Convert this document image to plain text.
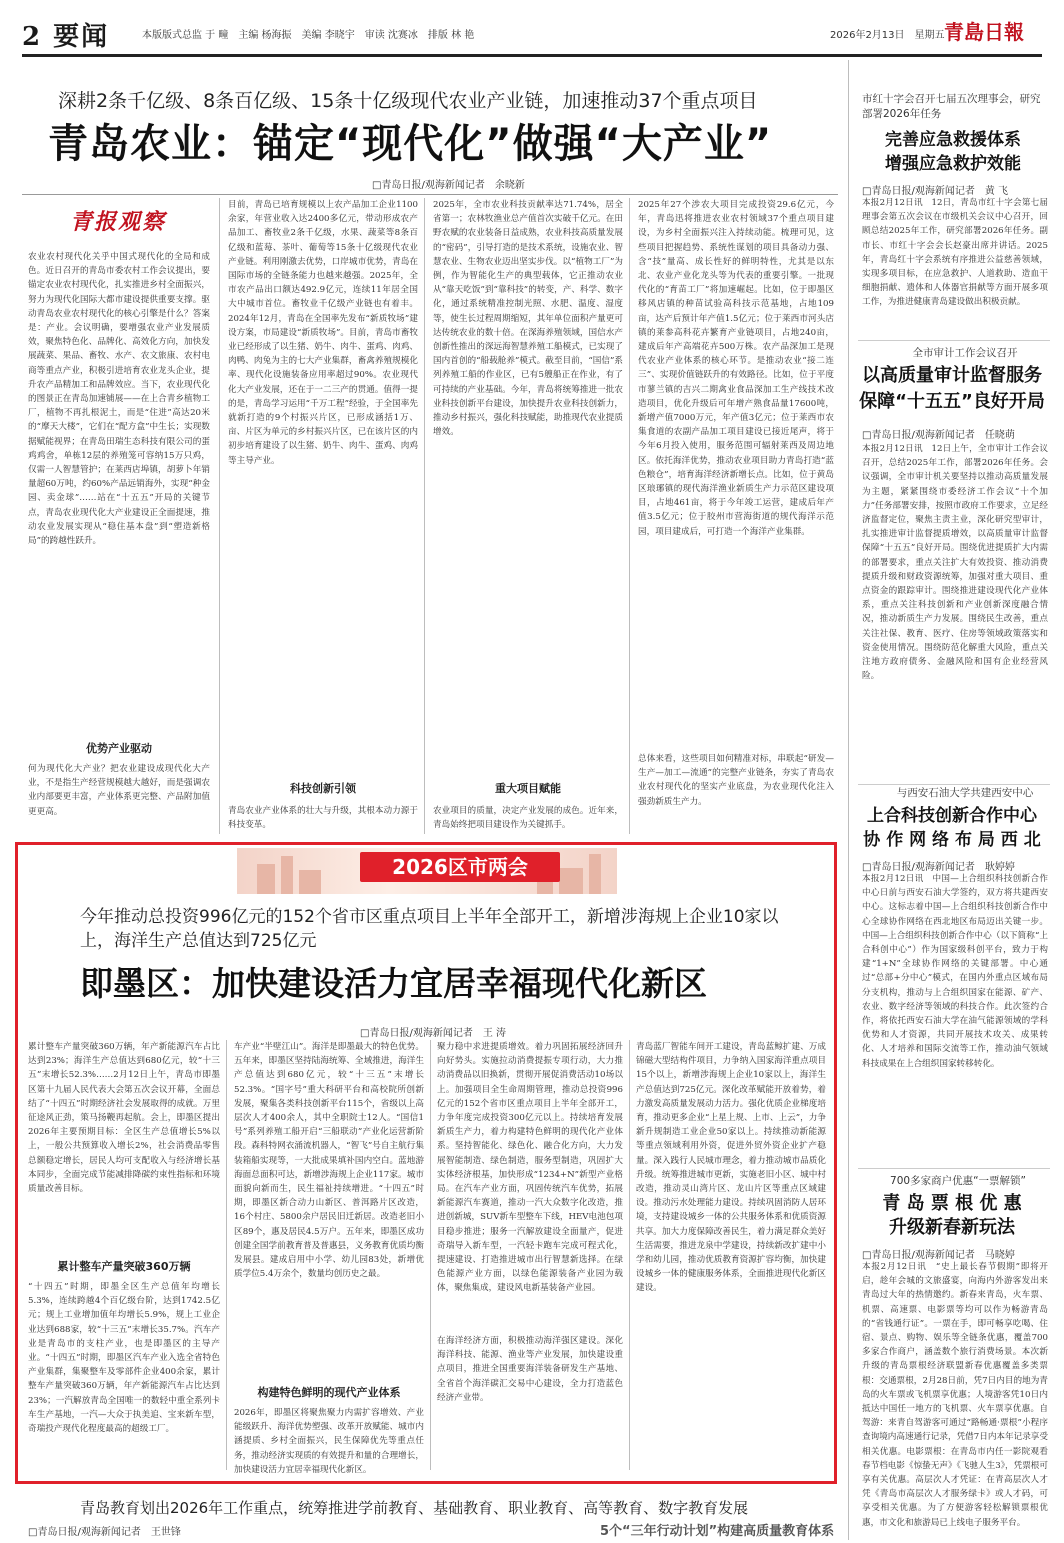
2 要闻	本版版式总监 于 疃　主编 杨海振　美编 李晓宇　审读 沈赛冰　排版 林 艳	2026年2月13日　星期五 青島日報
深耕2条千亿级、8条百亿级、15条十亿级现代农业产业链，加速推动37个重点项目
青岛农业：锚定“现代化”做强“大产业”
□青岛日报/观海新闻记者　余晓新
青报观察
农业农村现代化关乎中国式现代化的全局和成色。近日召开的青岛市委农村工作会议提出，要锚定农业农村现代化，扎实推进乡村全面振兴，努力为现代化国际大都市建设提供重要支撑。驱动青岛农业农村现代化的核心引擎是什么？答案是：产业。会议明确，要增强农业产业发展质效，聚焦特色化、品牌化、高效化方向，加快发展蔬菜、果品、畜牧、水产、农文旅康、农村电商等重点产业，积极引进培育农业龙头企业，提升农产品精加工和品牌效应。当下，农业现代化的图景正在青岛加速铺展——在上合青乡植物工厂，植物不再扎根泥土，而是“住进”高达20米的“摩天大楼”，它们在“配方盒”中生长；实现数据赋能视界；在青岛田瑞生态科技有限公司的蛋鸡鸡舍，单栋12层的养殖笼可容纳15万只鸡，仅需一人智慧管护；在莱西店埠镇，胡萝卜年销量超60万吨，约60%产品远销海外，实现“种金园、卖金球”……站在“十五五”开局的关键节点，青岛农业现代化大产业建设正全面提速，推动农业发展实现从“稳住基本盘”到“塑造新格局”的跨越性跃升。
优势产业驱动
何为现代化大产业？把农业建设成现代化大产业，不是指生产经营规模越大越好，而是强调农业内部要更丰富，产业体系更完整、产品附加值更更高。
目前，青岛已培育规模以上农产品加工企业1100余家，年营业收入达2400多亿元，带动形成农产品加工、畜牧业2条千亿级，水果、蔬菜等8条百亿级和蓝莓、茶叶、葡萄等15条十亿级现代农业产业链。利用刚激去优势，口岸城市优势，青岛在国际市场的全链条能力也越来越强。2025年，全市农产品出口额达492.9亿元，连续11年居全国大中城市首位。畜牧业千亿级产业链也有着丰。2024年12月，青岛在全国率先发布“新质牧场”建设方案，市局建设“新质牧场”。目前，青岛市畜牧业已经形成了以生猪、奶牛、肉牛、蛋鸡、肉鸡、肉鸭、肉兔为主的七大产业集群，畜禽养殖规模化率、现代化设施装备应用率超过90%。农业现代化大产业发展，还在于一二三产的贯通。值得一提的是，青岛学习运用“千万工程”经验，于全国率先就新打造的9个村振兴片区，已形成涵括1万、亩、片区为单元的乡村振兴片区，已在该片区的内初步培育建设了以生猪、奶牛、肉牛、蛋鸡、肉鸡等主导产业。
科技创新引领
青岛农业产业体系的壮大与升级，其根本动力源于科技变革。
2025年，全市农业科技贡献率达71.74%，居全省第一；农林牧渔业总产值首次实破千亿元。在田野农赋的农业装备日益成熟，农业科技高质量发展的“密码”，引导打造的是技术系统，设施农业、智慧农业、生物农业迈出坚实步伐。以“植物工厂”为例，作为智能化生产的典型载体，它正推动农业从“靠天吃饭”到“靠科技”的转变，产、科学、数字化，通过系统精准控制光照、水肥、温度、湿度等，使生长过程周期缩短，其年单位面积产量更可达传统农业的数十倍。在深海养殖领域，国信水产创新性推出的深远海智慧养殖工船模式，已实现了国内首创的“船载舱养”模式。截至目前，“国信”系列养殖工船的作业区，已有5艘船正在作业，有了可持续的产业基础。今年，青岛将统筹推进一批农业科技创新平台建设，加快提升农业科技创新力，推动乡村振兴，强化科技赋能，助推现代农业提质增效。
重大项目赋能
农业项目的质量，决定产业发展的成色。近年来，青岛始终把项目建设作为关键抓手。
2025年27个涉农大项目完成投资29.6亿元，今年，青岛迅将推进农业农村领域37个重点项目建设，为乡村全面振兴注入持续动能。梳理可见，这些项目把握趋势、系统性谋划的项目具备动力强、含“技”量高、成长性好的鲜明特性，尤其是以东北、农业产业化龙头等为代表的重要引擎。一批现代化的“育苗工厂”将加速崛起。比如，位于即墨区移风店镇的种苗试验高科技示范基地，占地109亩，达产后预计年产值1.5亿元；位于莱西市河头店镇的莱参高科花卉繁育产业链项目，占地240亩，建成后年产高端花卉500万株。农产品深加工是现代农业产业体系的核心环节。是推动农业“接二连三”、实现价值链跃升的有效路径。比如，位于平度市蓼兰镇的吉兴二期禽业食品深加工生产线技术改造项目，优化升级后可年增产熟食品量17600吨，新增产值7000万元，年产值3亿元；位于莱西市农集食道的农副产品加工项目建设已接近尾声，将于今年6月投入使用，服务范围可辐射莱西及周边地区。依托海洋优势，推动农业项目助力青岛打造“蓝色粮仓”，培育海洋经济新增长点。比如，位于黄岛区琅琊镇的现代海洋渔业新质生产力示范区建设项目，占地461亩，将于今年竣工运营，建成后年产值3.5亿元；位于胶州市营海街道的规代海洋示范园，项目建成后，可打造一个海洋产业集群。
总体来看，这些项目如何精准对标，串联起“研发—生产—加工—流通”的完整产业链条，夯实了青岛农业农村现代化的坚实产业底盘，为农业现代化注入强劲新质生产力。
2026区市两会
今年推动总投资996亿元的152个省市区重点项目上半年全部开工，新增涉海规上企业10家以上，海洋生产总值达到725亿元
即墨区：加快建设活力宜居幸福现代化新区
□青岛日报/观海新闻记者　王 涛
累计整车产量突破360万辆，年产新能源汽车占比达到23%；海洋生产总值达到680亿元，较“十三五”末增长52.3%……2月12日上午，青岛市即墨区第十九届人民代表大会第五次会议开幕，全面总结了“十四五”时期经济社会发展取得的成就。万里征途风正劲，策马扬鞭再起航。会上，即墨区提出2026年主要预期目标：全区生产总值增长5%以上，一般公共预算收入增长2%，社会消费品零售总额稳定增长，居民人均可支配收入与经济增长基本同步，全面完成节能减排降碳约束性指标和环境质量改善目标。
累计整车产量突破360万辆
“十四五”时期，即墨全区生产总值年均增长5.3%，连续跨越4个百亿级台阶，达到1742.5亿元；规上工业增加值年均增长5.9%，规上工业企业达到688家，较“十三五”末增长35.7%。汽车产业是青岛市的支柱产业，也是即墨区的主导产业。“十四五”时期，即墨区汽车产业入选全省特色产业集群，集聚整车及零部件企业400余家，累计整车产量突破360万辆，年产新能源汽车占比达到23%；一汽解放青岛全国唯一的数轻中重全系列卡车生产基地，一汽—大众于执美追、宝来新车型，奇瑞投产现代化程度最高的超级工厂。
车产业“半壁江山”。海洋是即墨最大的特色优势。五年来，即墨区坚持陆海统筹、全域推进，海洋生产总值达到680亿元，较“十三五”末增长52.3%。“国字号”重大科研平台和高校院所创新发展，聚集各类科技创新平台115个，省级以上高层次人才400余人，其中全职院士12人。“国信1号”系列养殖工船开启“三船联动”产业化运营新阶段。森科特网衣涌流机器人，“智飞”号自主航行集装箱船实现等，一大批成果填补国内空白。蓝地游海面总面积可达，新增涉海规上企业117家。城市面貌向新而生，民生福祉持续增进。“十四五”时期，即墨区新合动力山新区、普洱路片区改造，16个村庄、5800余户居民旧迁新居。改造老旧小区89个，惠及居民4.5万户。五年来，即墨区成功创建全国学前教育普及普惠县，义务教育优质均衡发展县。建成启用中小学、幼儿园83处，新增优质学位5.4万余个，数量均创历史之最。
构建特色鲜明的现代产业体系
2026年，即墨区将聚焦聚力内需扩容增效、产业能级跃升、海洋优势塑强、改革开放赋能、城市内涵提质、乡村全面振兴，民生保障优先等重点任务，推动经济实现质的有效提升和量的合理增长，加快建设活力宜居幸福现代化新区。
聚力稳中求进提质增效。着力巩固拓展经济回升向好势头。实施拉动消费提振专项行动，大力推动消费品以旧换新，贯彻开展促消费活动10场以上。加强项目全生命周期管理，推动总投资996亿元的152个省市区重点项目上半年全部开工，力争年度完成投资300亿元以上。持续培育发展新质生产力，着力构建特色鲜明的现代化产业体系。坚持智能化、绿色化、融合化方向，大力发展智能制造、绿色制造，服务型制造，巩固扩大实体经济根基，加快形成“1234+N”新型产业格局。在汽车产业方面，巩固传统汽车优势，拓展新能源汽车赛道，推动一汽大众数字化改造，推进创新城，SUV新车型整车下线，HEV电池包项目稳步推进；服务一汽解放建设全面量产，促进奇瑞导入新车型，一汽轻卡跑车完成可程式化，提速建设、打造推进城市出行智慧新选择。在绿色能源产业方面，以绿色能源装备产业园为载体，聚焦集成，建设风电新基装备产业园。
在海洋经济方面，积极推动海洋强区建设。深化海洋科技、能源、渔业等产业发展，加快建设重点项目，推进全国重要海洋装备研发生产基地、全省首个海洋碳汇交易中心建设，全力打造蓝色经济产业带。
青岛蓝厂智能车间开工建设，青岛蓝鲸扩建、万成锦磁大型结构件项目，力争纳入国家海洋重点项目15个以上，新增涉海规上企业10家以上，海洋生产总值达到725亿元。深化改革赋能开放着势，着力激发高质量发展动力活力。强化优质企业梯度培育，推动更多企业“上星上规、上市、上云”，力争新升规制造工业企业50家以上。持续推动新能源等重点领域利用外资，促进外贸外资企业扩产稳量。深入践行人民城市理念，着力推动城市品质化升级。统筹推进城市更新，实施老旧小区、城中村改造，推动灵山湾片区、龙山片区等重点区域建设。推动污水处理能力建设。持续巩固消防人居环境，支持建设城乡一体的公共服务体系和优质资源共享。加大力度保障改善民生，着力满足群众美好生活需要，推进龙泉中学建设，持续新改扩建中小学和幼儿园，推动优质教育资源扩容均衡，加快建设城乡一体的健康服务体系，全面推进现代化新区建设。
青岛教育划出2026年工作重点，统筹推进学前教育、基础教育、职业教育、高等教育、数字教育发展
5个“三年行动计划”构建高质量教育体系
□青岛日报/观海新闻记者　王世锋
市红十字会召开七届五次理事会，研究部署2026年任务
完善应急救援体系
增强应急救护效能
□青岛日报/观海新闻记者　黄 飞
本报2月12日讯　12日，青岛市红十字会第七届理事会第五次会议在市级机关会议中心召开，回顾总结2025年工作，研究部署2026年任务。副市长、市红十字会会长赵豪出席并讲话。2025年，青岛红十字会系统有序推进公益慈善领域，实现多项目标，在应急救护、人道救助、造血干细胞捐献、遗体和人体器官捐献等方面开展多项工作，为推进健康青岛建设做出积极贡献。
全市审计工作会议召开
以高质量审计监督服务
保障“十五五”良好开局
□青岛日报/观海新闻记者　任晓萌
本报2月12日讯　12日上午，全市审计工作会议召开，总结2025年工作，部署2026年任务。会议强调，全市审计机关要坚持以推动高质量发展为主题，紧紧围绕市委经济工作会议“十个加力”任务部署安排，按照市政府工作要求，立足经济监督定位，聚焦主责主业，深化研究型审计，扎实推进审计监督提质增效，以高质量审计监督保障“十五五”良好开局。围绕优进提质扩大内需的部署要求，重点关注扩大有效投资、推动消费提质升级和财政资源统筹，加强对重大项目、重点资金的跟踪审计。围绕推进建设现代化产业体系，重点关注科技创新和产业创新深度融合情况，推动新质生产力发展。围绕民生改善，重点关注社保、教育、医疗、住房等领域政策落实和资金使用情况。围绕防范化解重大风险，重点关注地方政府债务、金融风险和国有企业经营风险。
与西安石油大学共建西安中心
上合科技创新合作中心
协 作 网 络 布 局 西 北
□青岛日报/观海新闻记者　耿婷婷
本报2月12日讯　中国—上合组织科技创新合作中心日前与西安石油大学签约，双方将共建西安中心。这标志着中国—上合组织科技创新合作中心全球协作网络在西北地区布局迈出关键一步。中国—上合组织科技创新合作中心（以下简称“上合科创中心”）作为国家级科创平台，致力于构建“1+N”全球协作网络的关键部署。中心通过“总部+分中心”模式，在国内外重点区域布局分支机构，推动与上合组织国家在能源、矿产、农业、数字经济等领域的科技合作。此次签约合作，将依托西安石油大学在油气能源领域的学科优势和人才资源，共同开展技术攻关、成果转化、人才培养和国际交流等工作，推动油气领域科技成果在上合组织国家转移转化。
700多家商户优惠“一票解锁”
青 岛 票 根 优 惠
升级新春新玩法
□青岛日报/观海新闻记者　马晓婷
本报2月12日讯　“史上最长春节假期”即将开启，趁年会城的文旅盛宴，向海内外游客发出来青岛过大年的热情邀约。新春来青岛，火车票、机票、高速票、电影票等均可以作为畅游青岛的“省钱通行证”。一票在手，即可畅享吃喝、住宿、景点、购物、娱乐等全链条优惠，覆盖700多家合作商户，涵盖数个旅行消费场景。本次新升级的青岛票根经济联盟新春优惠覆盖多类票根：交通票根，2月28日前，凭7日内目的地为青岛的火车票或飞机票享优惠；人境游客凭10日内抵达中国任一地方的飞机票、火车票享优惠。自驾游：来青自驾游客可通过“路畅通·票根”小程序查询境内高速通行记录，凭借7日内本年记录享受相关优惠。电影票根：在青岛市内任一影院观看春节档电影《惊蛰无声》《飞驰人生3》，凭票根可享有关优惠。高层次人才凭证：在青高层次人才凭《青岛市高层次人才服务绿卡》或人才码，可享受相关优惠。为了方便游客轻松解锁票根优惠，市文化和旅游局已上线电子服务平台。
